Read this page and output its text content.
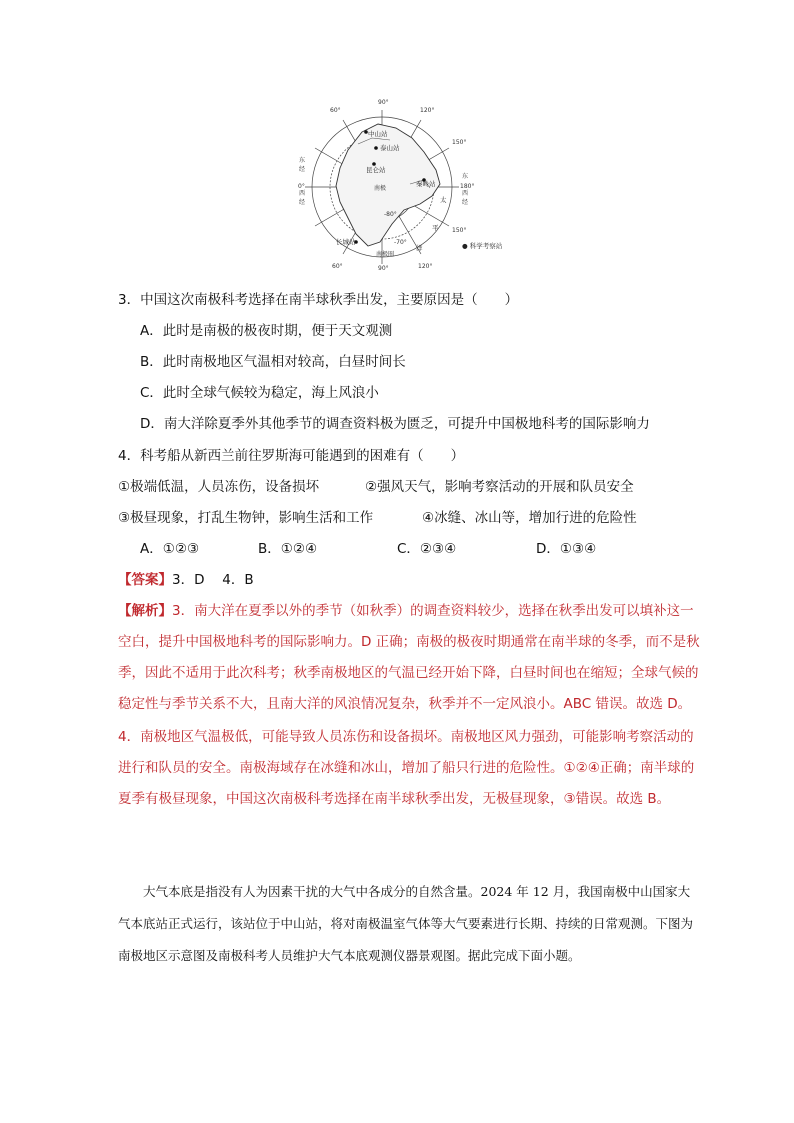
90°
120°
150°
180°
150°
120°
90°
60°
0°
60°
东
经
西
经
东
西
经
中山站
泰山站
昆仑站
秦岭站
长城站
南极
-80°
-70°
南极圈
太
平
洋	● 科学考察站
3．中国这次南极科考选择在南半球秋季出发，主要原因是（　　）
A．此时是南极的极夜时期，便于天文观测
B．此时南极地区气温相对较高，白昼时间长
C．此时全球气候较为稳定，海上风浪小
D．南大洋除夏季外其他季节的调查资料极为匮乏，可提升中国极地科考的国际影响力
4．科考船从新西兰前往罗斯海可能遇到的困难有（　　）
①极端低温，人员冻伤，设备损坏	②强风天气，影响考察活动的开展和队员安全
③极昼现象，打乱生物钟，影响生活和工作	④冰缝、冰山等，增加行进的危险性
A．①②③	B．①②④	C．②③④	D．①③④
【答案】3．D　 4．B
【解析】3．南大洋在夏季以外的季节（如秋季）的调查资料较少，选择在秋季出发可以填补这一空白，提升中国极地科考的国际影响力。D 正确；南极的极夜时期通常在南半球的冬季，而不是秋季，因此不适用于此次科考；秋季南极地区的气温已经开始下降，白昼时间也在缩短；全球气候的稳定性与季节关系不大，且南大洋的风浪情况复杂，秋季并不一定风浪小。ABC 错误。故选 D。
4．南极地区气温极低，可能导致人员冻伤和设备损坏。南极地区风力强劲，可能影响考察活动的进行和队员的安全。南极海域存在冰缝和冰山，增加了船只行进的危险性。①②④正确；南半球的夏季有极昼现象，中国这次南极科考选择在南半球秋季出发，无极昼现象，③错误。故选 B。
大气本底是指没有人为因素干扰的大气中各成分的自然含量。2024 年 12 月，我国南极中山国家大气本底站正式运行，该站位于中山站，将对南极温室气体等大气要素进行长期、持续的日常观测。下图为南极地区示意图及南极科考人员维护大气本底观测仪器景观图。据此完成下面小题。
